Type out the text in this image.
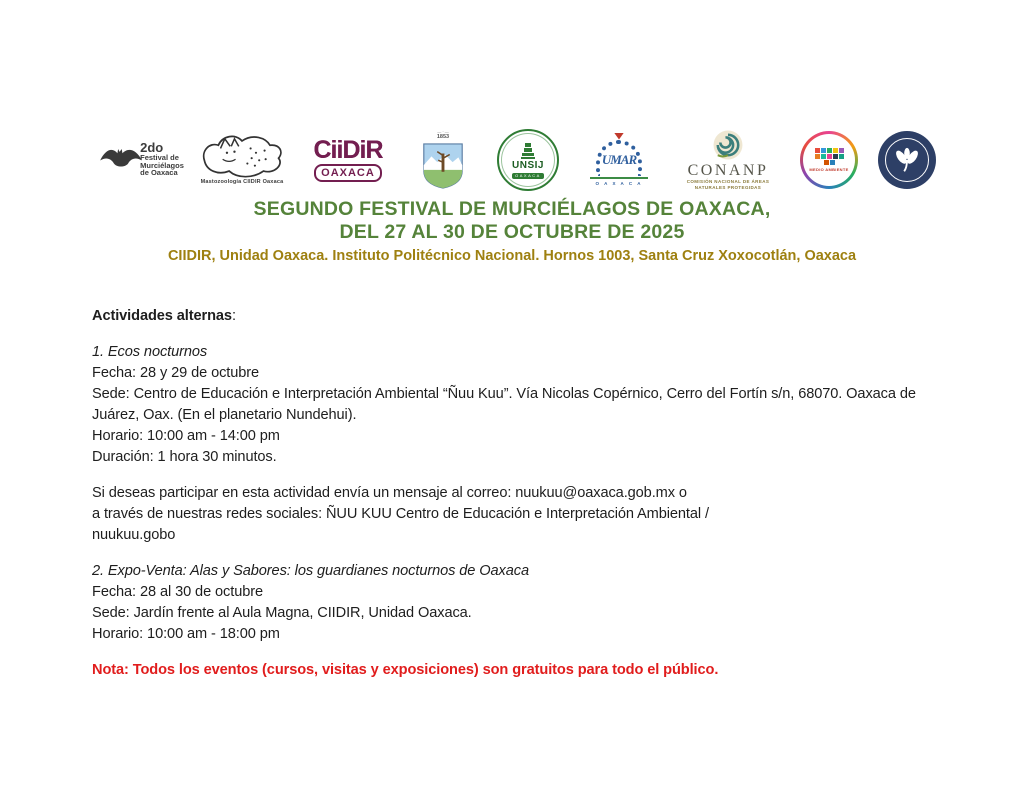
2do
Festival de
Murciélagos
de Oaxaca
Mastozoología CIIDIR Oaxaca
CiiDiR
OAXACA
— · —
1853
UNSIJ
OAXACA
UMAR
O A X A C A
CONANP
COMISIÓN NACIONAL DE ÁREAS
NATURALES PROTEGIDAS
MEDIO AMBIENTE
SEGUNDO FESTIVAL DE MURCIÉLAGOS DE OAXACA,
DEL 27 AL 30 DE OCTUBRE DE 2025
CIIDIR, Unidad Oaxaca. Instituto Politécnico Nacional. Hornos 1003, Santa Cruz Xoxocotlán, Oaxaca

Actividades alternas:

1. Ecos nocturnos

Fecha: 28 y 29 de octubre

Sede: Centro de Educación e Interpretación Ambiental “Ñuu Kuu”. Vía Nicolas Copérnico, Cerro del Fortín s/n, 68070. Oaxaca de Juárez, Oax. (En el planetario Nundehui).

Horario: 10:00 am - 14:00 pm

Duración: 1 hora 30 minutos.

Si deseas participar en esta actividad envía un mensaje al correo: nuukuu@oaxaca.gob.mx o

a través de nuestras redes sociales: ÑUU KUU Centro de Educación e Interpretación Ambiental /

nuukuu.gobo

2. Expo-Venta: Alas y Sabores: los guardianes nocturnos de Oaxaca

Fecha: 28 al 30 de octubre

Sede: Jardín frente al Aula Magna, CIIDIR, Unidad Oaxaca.

Horario: 10:00 am - 18:00 pm

Nota: Todos los eventos (cursos, visitas y exposiciones) son gratuitos para todo el público.
